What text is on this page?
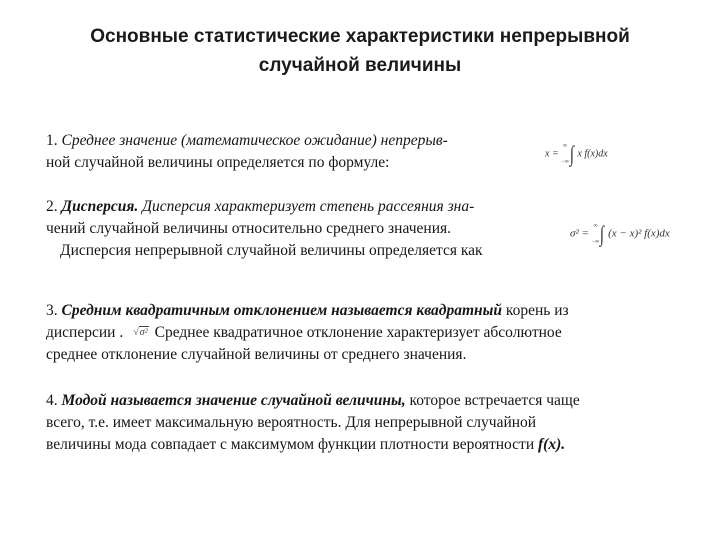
Основные статистические характеристики непрерывной
случайной величины
1. Среднее значение (математическое ожидание) непрерыв-
ной случайной величины определяется по формуле:
x = ∞
−∞∫ x f(x)dx
2. Дисперсия. Дисперсия характеризует степень рассеяния зна-
чений случайной величины относительно среднего значения.
Дисперсия непрерывной случайной величины определяется как
σ² = ∞
−∞∫ (x − x)² f(x)dx
3. Средним квадратичным отклонением называется квадратный корень из
дисперсии . √σ² Среднее квадратичное отклонение характеризует абсолютное
среднее отклонение случайной величины от среднего значения.
4. Модой называется значение случайной величины, которое встречается чаще
всего, т.е. имеет максимальную вероятность. Для непрерывной случайной
величины мода совпадает с максимумом функции плотности вероятности f(x).
